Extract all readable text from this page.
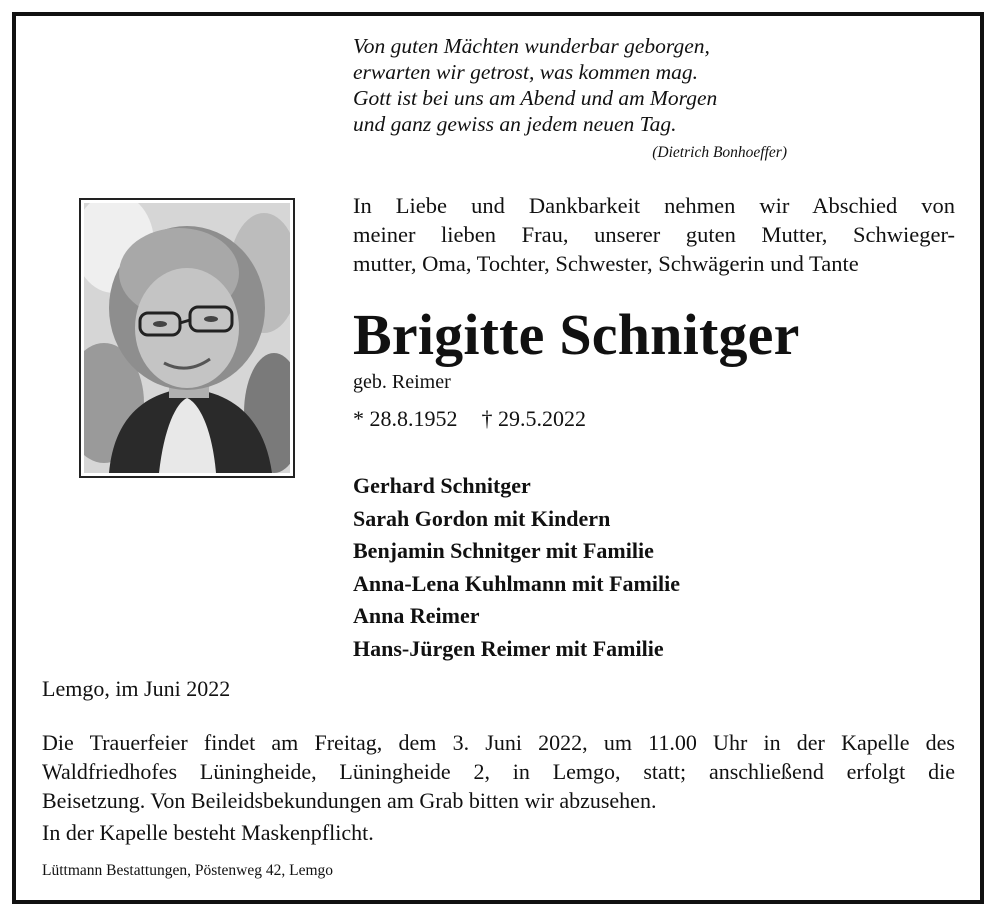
Von guten Mächten wunderbar geborgen,
erwarten wir getrost, was kommen mag.
Gott ist bei uns am Abend und am Morgen
und ganz gewiss an jedem neuen Tag.
(Dietrich Bonhoeffer)
In Liebe und Dankbarkeit nehmen wir Abschied von
meiner lieben Frau, unserer guten Mutter, Schwieger-
mutter, Oma, Tochter, Schwester, Schwägerin und Tante
Brigitte Schnitger
geb. Reimer
* 28.8.1952 † 29.5.2022
Gerhard Schnitger
Sarah Gordon mit Kindern
Benjamin Schnitger mit Familie
Anna-Lena Kuhlmann mit Familie
Anna Reimer
Hans-Jürgen Reimer mit Familie
Lemgo, im Juni 2022
Die Trauerfeier findet am Freitag, dem 3. Juni 2022, um 11.00 Uhr in der Kapelle des
Waldfriedhofes Lüningheide, Lüningheide 2, in Lemgo, statt; anschließend erfolgt die
Beisetzung. Von Beileidsbekundungen am Grab bitten wir abzusehen.
In der Kapelle besteht Maskenpflicht.
Lüttmann Bestattungen, Pöstenweg 42, Lemgo
